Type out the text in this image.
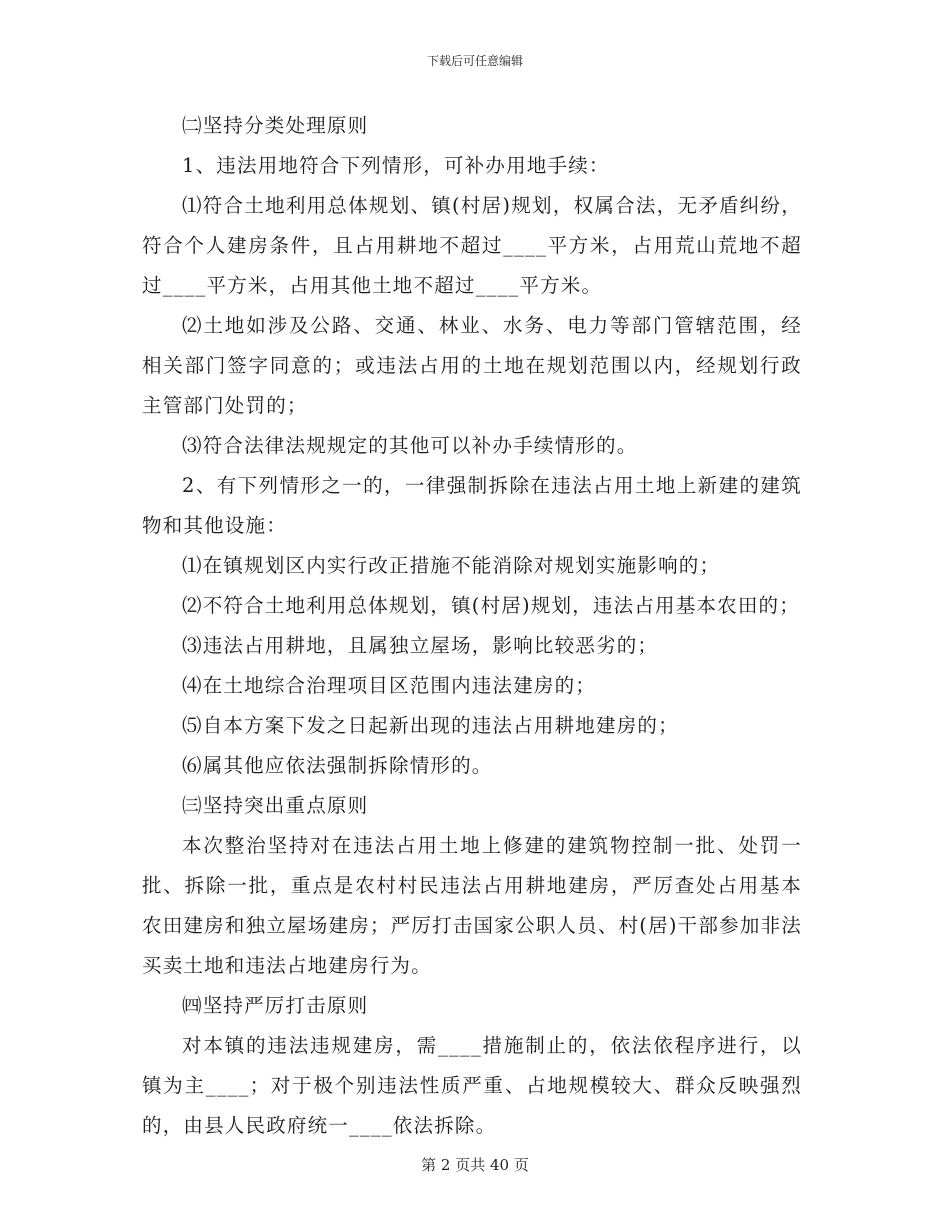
下载后可任意编辑

㈡坚持分类处理原则

1、违法用地符合下列情形，可补办用地手续：

⑴符合土地利用总体规划、镇(村居)规划，权属合法，无矛盾纠纷，符合个人建房条件，且占用耕地不超过____平方米，占用荒山荒地不超过____平方米，占用其他土地不超过____平方米。

⑵土地如涉及公路、交通、林业、水务、电力等部门管辖范围，经相关部门签字同意的；或违法占用的土地在规划范围以内，经规划行政主管部门处罚的；

⑶符合法律法规规定的其他可以补办手续情形的。

2、有下列情形之一的，一律强制拆除在违法占用土地上新建的建筑物和其他设施：

⑴在镇规划区内实行改正措施不能消除对规划实施影响的；

⑵不符合土地利用总体规划，镇(村居)规划，违法占用基本农田的；

⑶违法占用耕地，且属独立屋场，影响比较恶劣的；

⑷在土地综合治理项目区范围内违法建房的；

⑸自本方案下发之日起新出现的违法占用耕地建房的；

⑹属其他应依法强制拆除情形的。

㈢坚持突出重点原则

本次整治坚持对在违法占用土地上修建的建筑物控制一批、处罚一批、拆除一批，重点是农村村民违法占用耕地建房，严厉查处占用基本农田建房和独立屋场建房；严厉打击国家公职人员、村(居)干部参加非法买卖土地和违法占地建房行为。

㈣坚持严厉打击原则

对本镇的违法违规建房，需____措施制止的，依法依程序进行，以镇为主____；对于极个别违法性质严重、占地规模较大、群众反映强烈的，由县人民政府统一____依法拆除。

第 2 页共 40 页
